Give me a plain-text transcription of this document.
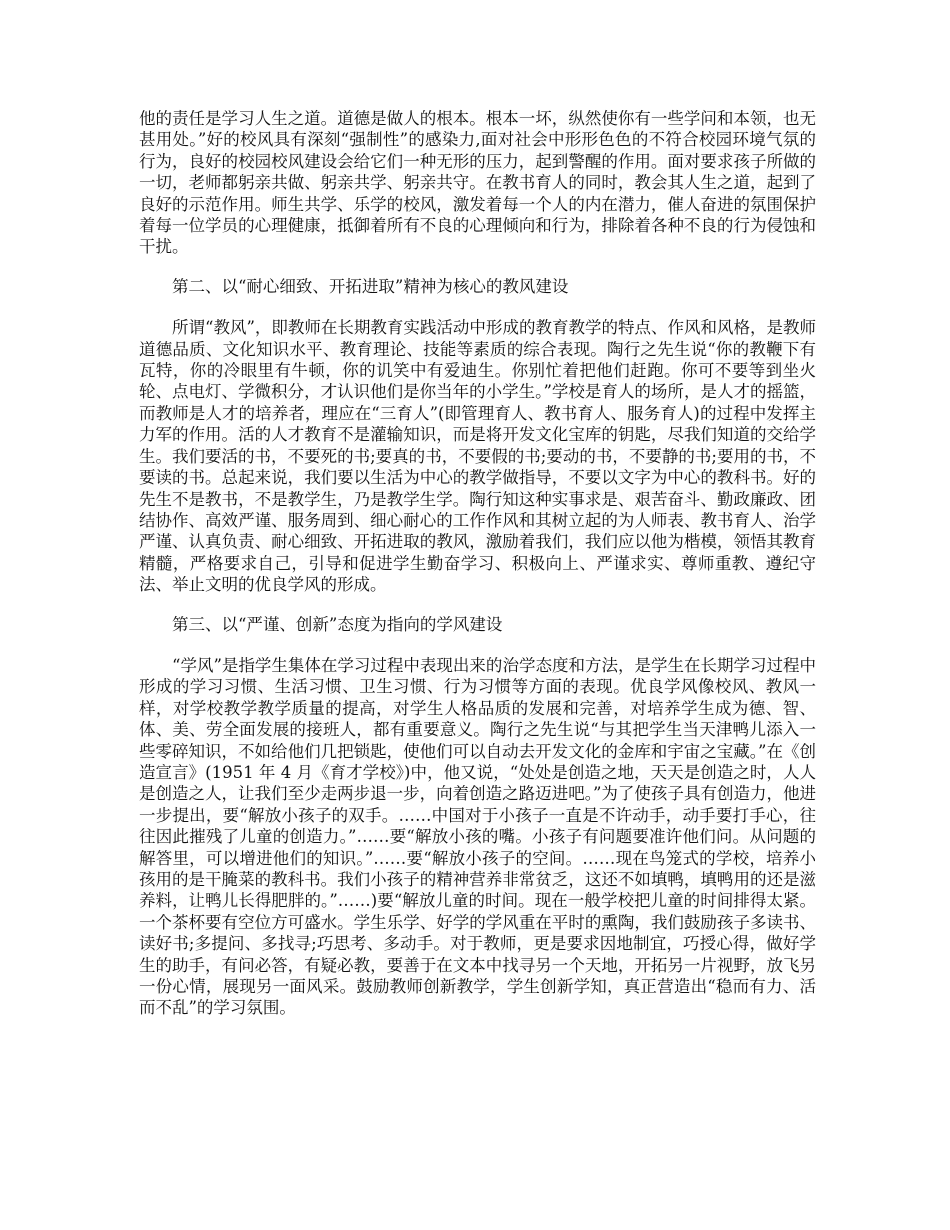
他的责任是学习人生之道。道德是做人的根本。根本一坏，纵然使你有一些学问和本领，也无甚用处。”好的校风具有深刻“强制性”的感染力,面对社会中形形色色的不符合校园环境气氛的行为，良好的校园校风建设会给它们一种无形的压力，起到警醒的作用。面对要求孩子所做的一切，老师都躬亲共做、躬亲共学、躬亲共守。在教书育人的同时，教会其人生之道，起到了良好的示范作用。师生共学、乐学的校风，激发着每一个人的内在潜力，催人奋进的氛围保护着每一位学员的心理健康，抵御着所有不良的心理倾向和行为，排除着各种不良的行为侵蚀和干扰。

第二、以“耐心细致、开拓进取”精神为核心的教风建设

所谓“教风”，即教师在长期教育实践活动中形成的教育教学的特点、作风和风格，是教师道德品质、文化知识水平、教育理论、技能等素质的综合表现。陶行之先生说“你的教鞭下有瓦特，你的冷眼里有牛顿，你的讥笑中有爱迪生。你别忙着把他们赶跑。你可不要等到坐火轮、点电灯、学微积分，才认识他们是你当年的小学生。”学校是育人的场所，是人才的摇篮，而教师是人才的培养者，理应在“三育人”(即管理育人、教书育人、服务育人)的过程中发挥主力军的作用。活的人才教育不是灌输知识，而是将开发文化宝库的钥匙，尽我们知道的交给学生。我们要活的书，不要死的书;要真的书，不要假的书;要动的书，不要静的书;要用的书，不要读的书。总起来说，我们要以生活为中心的教学做指导，不要以文字为中心的教科书。好的先生不是教书，不是教学生，乃是教学生学。陶行知这种实事求是、艰苦奋斗、勤政廉政、团结协作、高效严谨、服务周到、细心耐心的工作作风和其树立起的为人师表、教书育人、治学严谨、认真负责、耐心细致、开拓进取的教风，激励着我们，我们应以他为楷模，领悟其教育精髓，严格要求自己，引导和促进学生勤奋学习、积极向上、严谨求实、尊师重教、遵纪守法、举止文明的优良学风的形成。

第三、以“严谨、创新”态度为指向的学风建设

“学风”是指学生集体在学习过程中表现出来的治学态度和方法，是学生在长期学习过程中形成的学习习惯、生活习惯、卫生习惯、行为习惯等方面的表现。优良学风像校风、教风一样，对学校教学教学质量的提高，对学生人格品质的发展和完善，对培养学生成为德、智、体、美、劳全面发展的接班人，都有重要意义。陶行之先生说“与其把学生当天津鸭儿添入一些零碎知识，不如给他们几把锁匙，使他们可以自动去开发文化的金库和宇宙之宝藏。”在《创造宣言》(1951 年 4 月《育才学校》)中，他又说，“处处是创造之地，天天是创造之时，人人是创造之人，让我们至少走两步退一步，向着创造之路迈进吧。”为了使孩子具有创造力，他进一步提出，要“解放小孩子的双手。……中国对于小孩子一直是不许动手，动手要打手心，往往因此摧残了儿童的创造力。”……要“解放小孩的嘴。小孩子有问题要准许他们问。从问题的解答里，可以增进他们的知识。”……要“解放小孩子的空间。……现在鸟笼式的学校，培养小孩用的是干腌菜的教科书。我们小孩子的精神营养非常贫乏，这还不如填鸭，填鸭用的还是滋养料，让鸭儿长得肥胖的。”……)要“解放儿童的时间。现在一般学校把儿童的时间排得太紧。一个茶杯要有空位方可盛水。学生乐学、好学的学风重在平时的熏陶，我们鼓励孩子多读书、读好书;多提问、多找寻;巧思考、多动手。对于教师，更是要求因地制宜，巧授心得，做好学生的助手，有问必答，有疑必教，要善于在文本中找寻另一个天地，开拓另一片视野，放飞另一份心情，展现另一面风采。鼓励教师创新教学，学生创新学知，真正营造出“稳而有力、活而不乱”的学习氛围。
